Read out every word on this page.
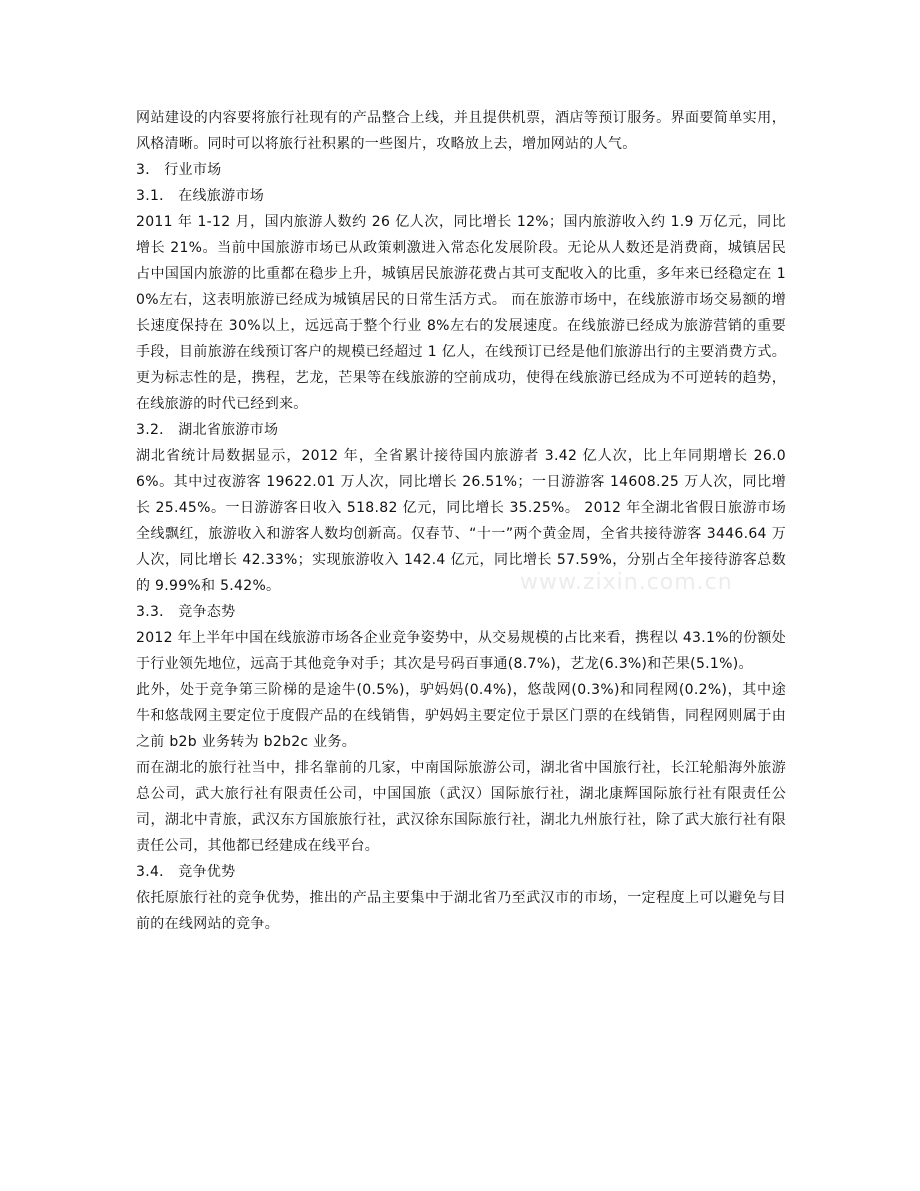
网站建设的内容要将旅行社现有的产品整合上线，并且提供机票，酒店等预订服务。界面要简单实用，风格清晰。同时可以将旅行社积累的一些图片，攻略放上去，增加网站的人气。

3． 行业市场

3.1． 在线旅游市场

2011 年 1-12 月，国内旅游人数约 26 亿人次，同比增长 12%；国内旅游收入约 1.9 万亿元，同比增长 21%。当前中国旅游市场已从政策刺激进入常态化发展阶段。无论从人数还是消费商，城镇居民占中国国内旅游的比重都在稳步上升，城镇居民旅游花费占其可支配收入的比重，多年来已经稳定在 10%左右，这表明旅游已经成为城镇居民的日常生活方式。 而在旅游市场中，在线旅游市场交易额的增长速度保持在 30%以上，远远高于整个行业 8%左右的发展速度。在线旅游已经成为旅游营销的重要手段，目前旅游在线预订客户的规模已经超过 1 亿人，在线预订已经是他们旅游出行的主要消费方式。更为标志性的是，携程，艺龙，芒果等在线旅游的空前成功，使得在线旅游已经成为不可逆转的趋势，在线旅游的时代已经到来。

3.2． 湖北省旅游市场

湖北省统计局数据显示，2012 年，全省累计接待国内旅游者 3.42 亿人次，比上年同期增长 26.06%。其中过夜游客 19622.01 万人次，同比增长 26.51%；一日游游客 14608.25 万人次，同比增长 25.45%。一日游游客日收入 518.82 亿元，同比增长 35.25%。 2012 年全湖北省假日旅游市场全线飘红，旅游收入和游客人数均创新高。仅春节、“十一”两个黄金周，全省共接待游客 3446.64 万人次，同比增长 42.33%；实现旅游收入 142.4 亿元，同比增长 57.59%，分别占全年接待游客总数的 9.99%和 5.42%。

3.3． 竞争态势

2012 年上半年中国在线旅游市场各企业竞争姿势中，从交易规模的占比来看，携程以 43.1%的份额处于行业领先地位，远高于其他竞争对手；其次是号码百事通(8.7%)，艺龙(6.3%)和芒果(5.1%)。

此外，处于竞争第三阶梯的是途牛(0.5%)，驴妈妈(0.4%)，悠哉网(0.3%)和同程网(0.2%)，其中途牛和悠哉网主要定位于度假产品的在线销售，驴妈妈主要定位于景区门票的在线销售，同程网则属于由之前 b2b 业务转为 b2b2c 业务。

而在湖北的旅行社当中，排名靠前的几家，中南国际旅游公司，湖北省中国旅行社，长江轮船海外旅游总公司，武大旅行社有限责任公司，中国国旅（武汉）国际旅行社，湖北康辉国际旅行社有限责任公司，湖北中青旅，武汉东方国旅旅行社，武汉徐东国际旅行社，湖北九州旅行社，除了武大旅行社有限责任公司，其他都已经建成在线平台。

3.4． 竞争优势

依托原旅行社的竞争优势，推出的产品主要集中于湖北省乃至武汉市的市场，一定程度上可以避免与目前的在线网站的竞争。

www.zixin.com.cn
